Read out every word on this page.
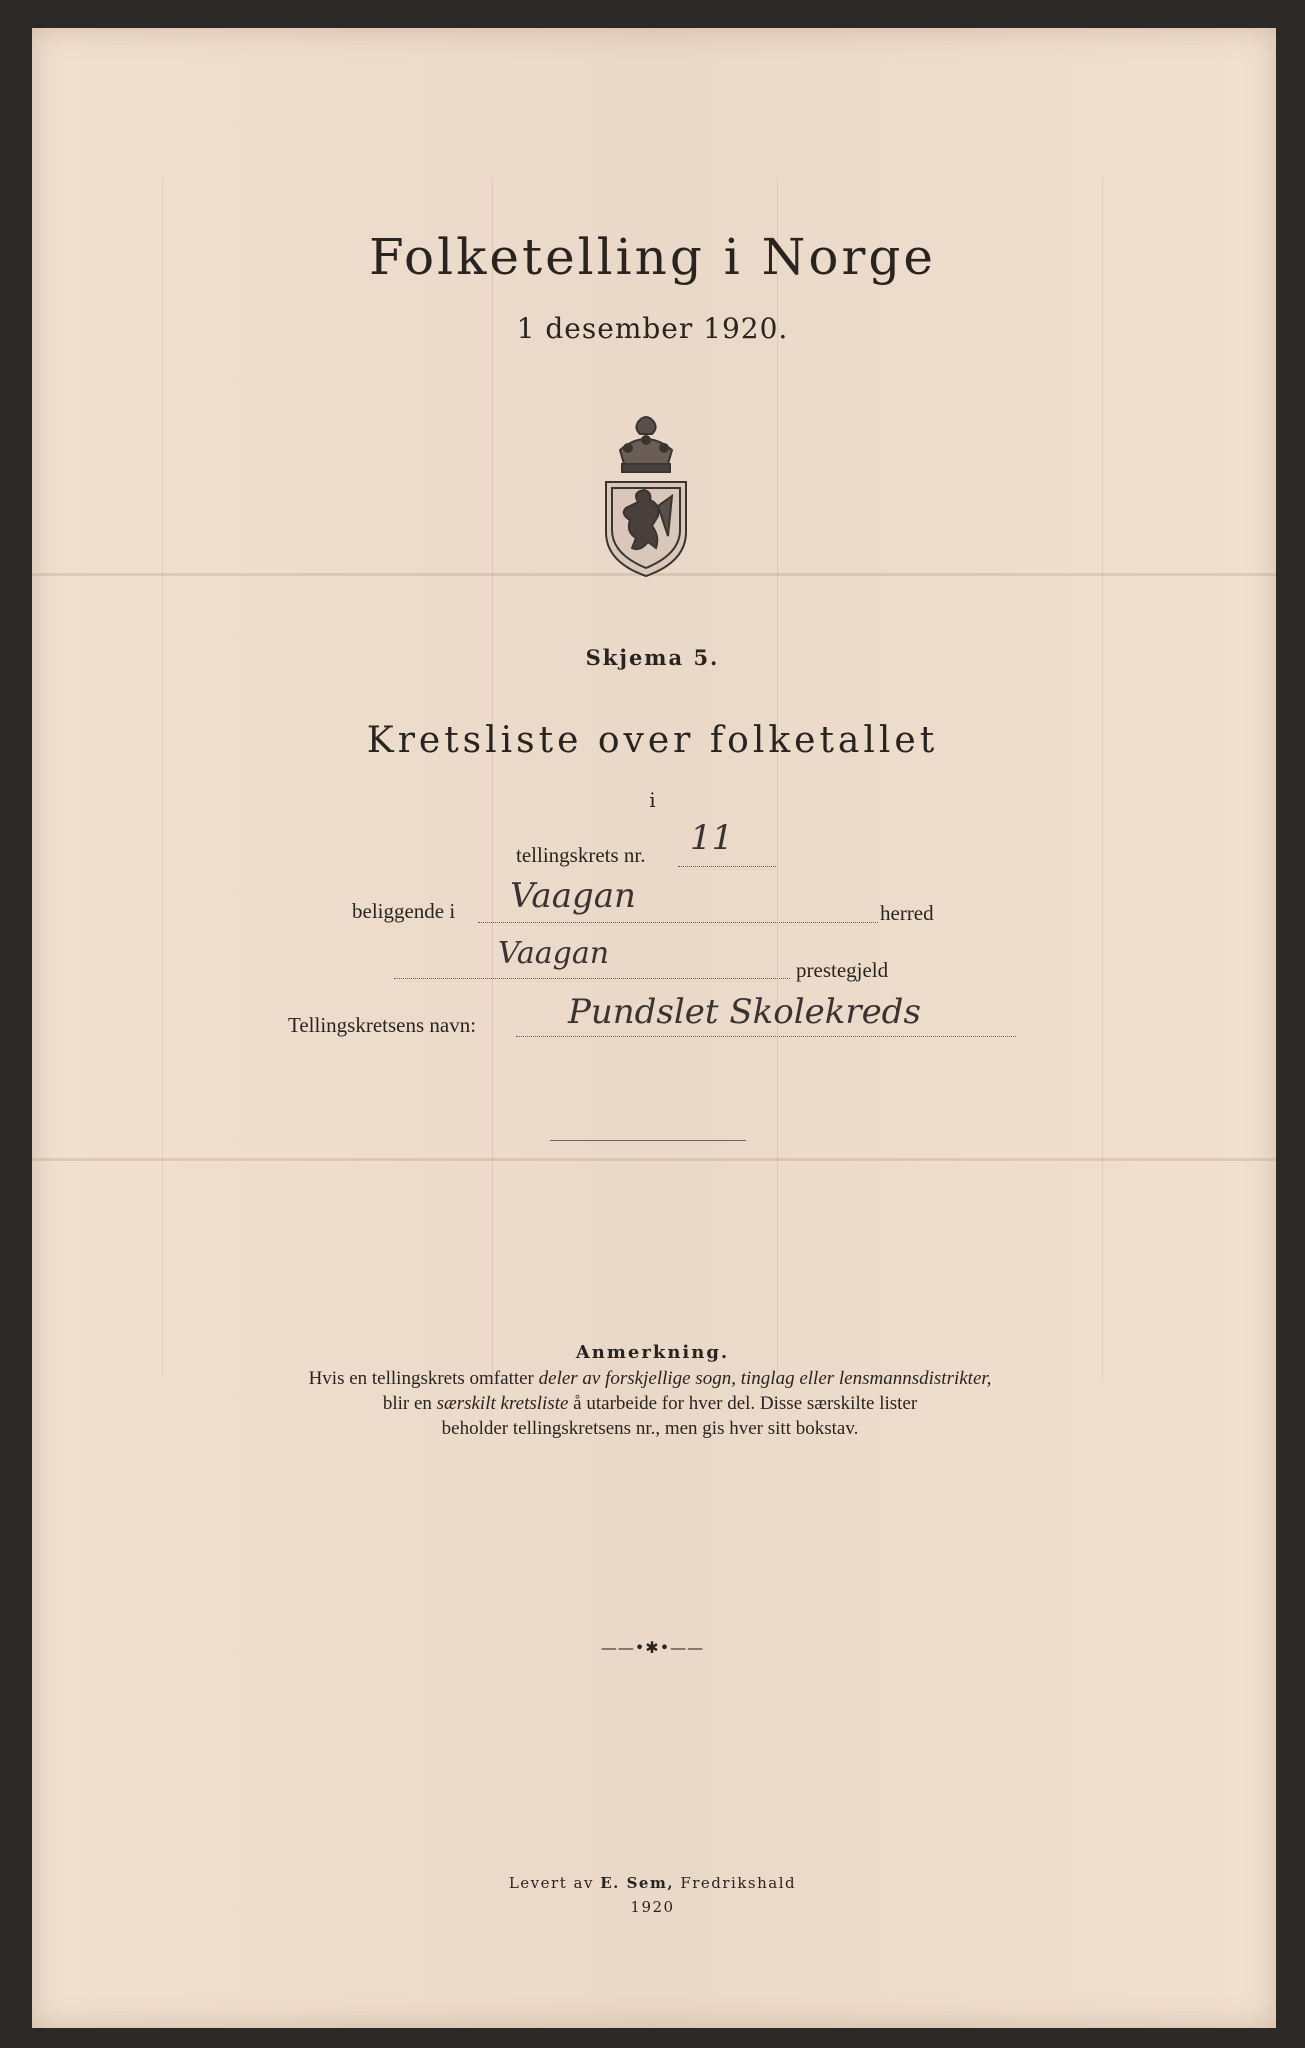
Folketelling i Norge
1 desember 1920.
Skjema 5.
Kretsliste over folketallet
i
tellingskrets nr. 11
beliggende i Vaagan	herred
Vaagan	prestegjeld
Tellingskretsens navn:	Pundslet Skolekreds
Anmerkning.
Hvis en tellingskrets omfatter deler av forskjellige sogn, tinglag eller lensmannsdistrikter,
blir en særskilt kretsliste å utarbeide for hver del. Disse særskilte lister
beholder tellingskretsens nr., men gis hver sitt bokstav.
——•✱•——
Levert av E. Sem, Fredrikshald
1920
